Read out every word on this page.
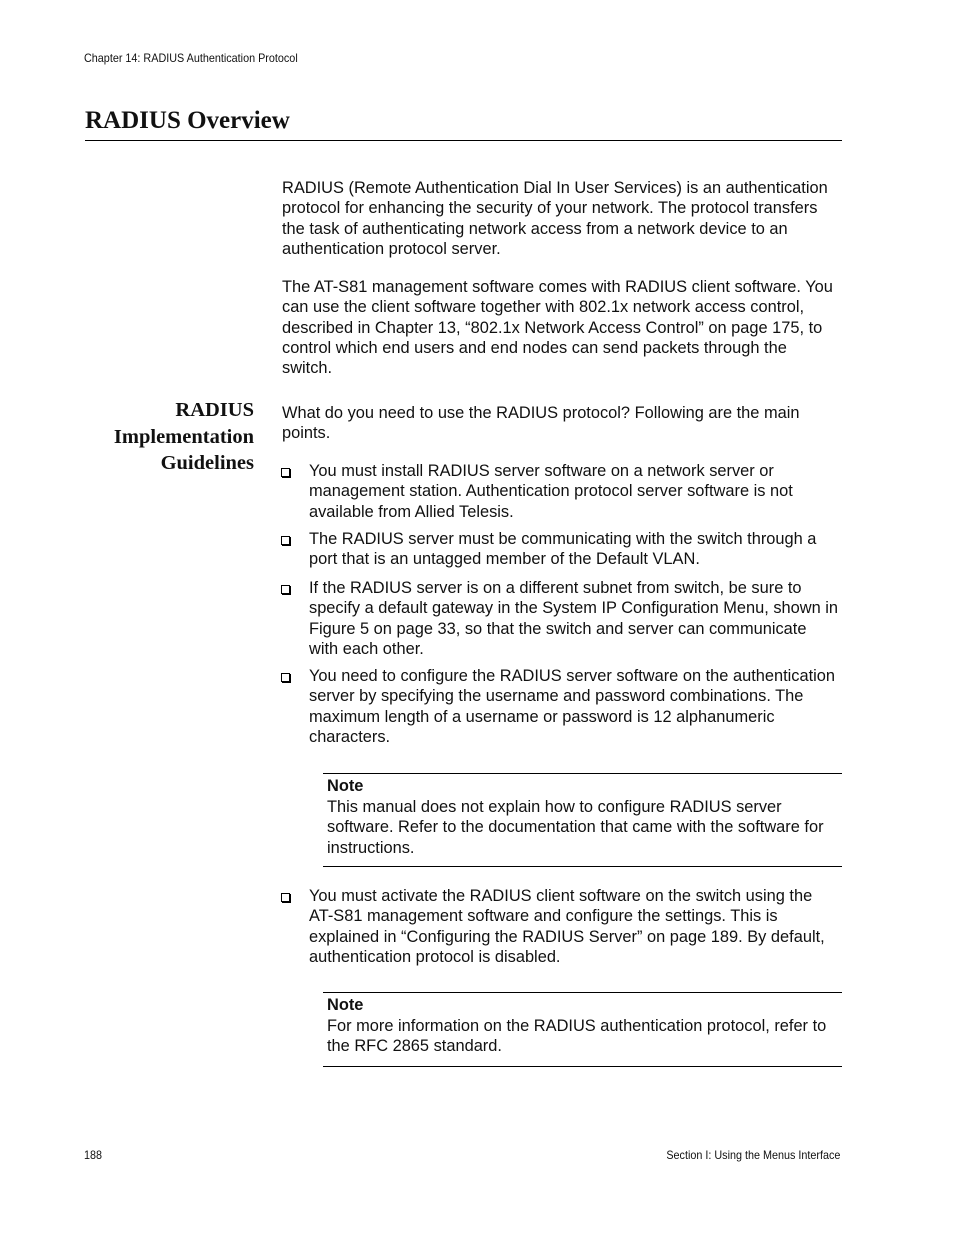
Chapter 14: RADIUS Authentication Protocol
RADIUS Overview

RADIUS (Remote Authentication Dial In User Services) is an authentication protocol for enhancing the security of your network. The protocol transfers the task of authenticating network access from a network device to an authentication protocol server.

The AT-S81 management software comes with RADIUS client software. You can use the client software together with 802.1x network access control, described in Chapter 13, “802.1x Network Access Control” on page 175, to control which end users and end nodes can send packets through the switch.

RADIUS
Implementation
Guidelines

What do you need to use the RADIUS protocol? Following are the main points.

You must install RADIUS server software on a network server or management station. Authentication protocol server software is not available from Allied Telesis.

The RADIUS server must be communicating with the switch through a port that is an untagged member of the Default VLAN.

If the RADIUS server is on a different subnet from switch, be sure to specify a default gateway in the System IP Configuration Menu, shown in Figure 5 on page 33, so that the switch and server can communicate with each other.

You need to configure the RADIUS server software on the authentication server by specifying the username and password combinations. The maximum length of a username or password is 12 alphanumeric characters.

Note

This manual does not explain how to configure RADIUS server software. Refer to the documentation that came with the software for instructions.

You must activate the RADIUS client software on the switch using the AT-S81 management software and configure the settings. This is explained in “Configuring the RADIUS Server” on page 189. By default, authentication protocol is disabled.

Note

For more information on the RADIUS authentication protocol, refer to the RFC 2865 standard.

188	Section I: Using the Menus Interface
